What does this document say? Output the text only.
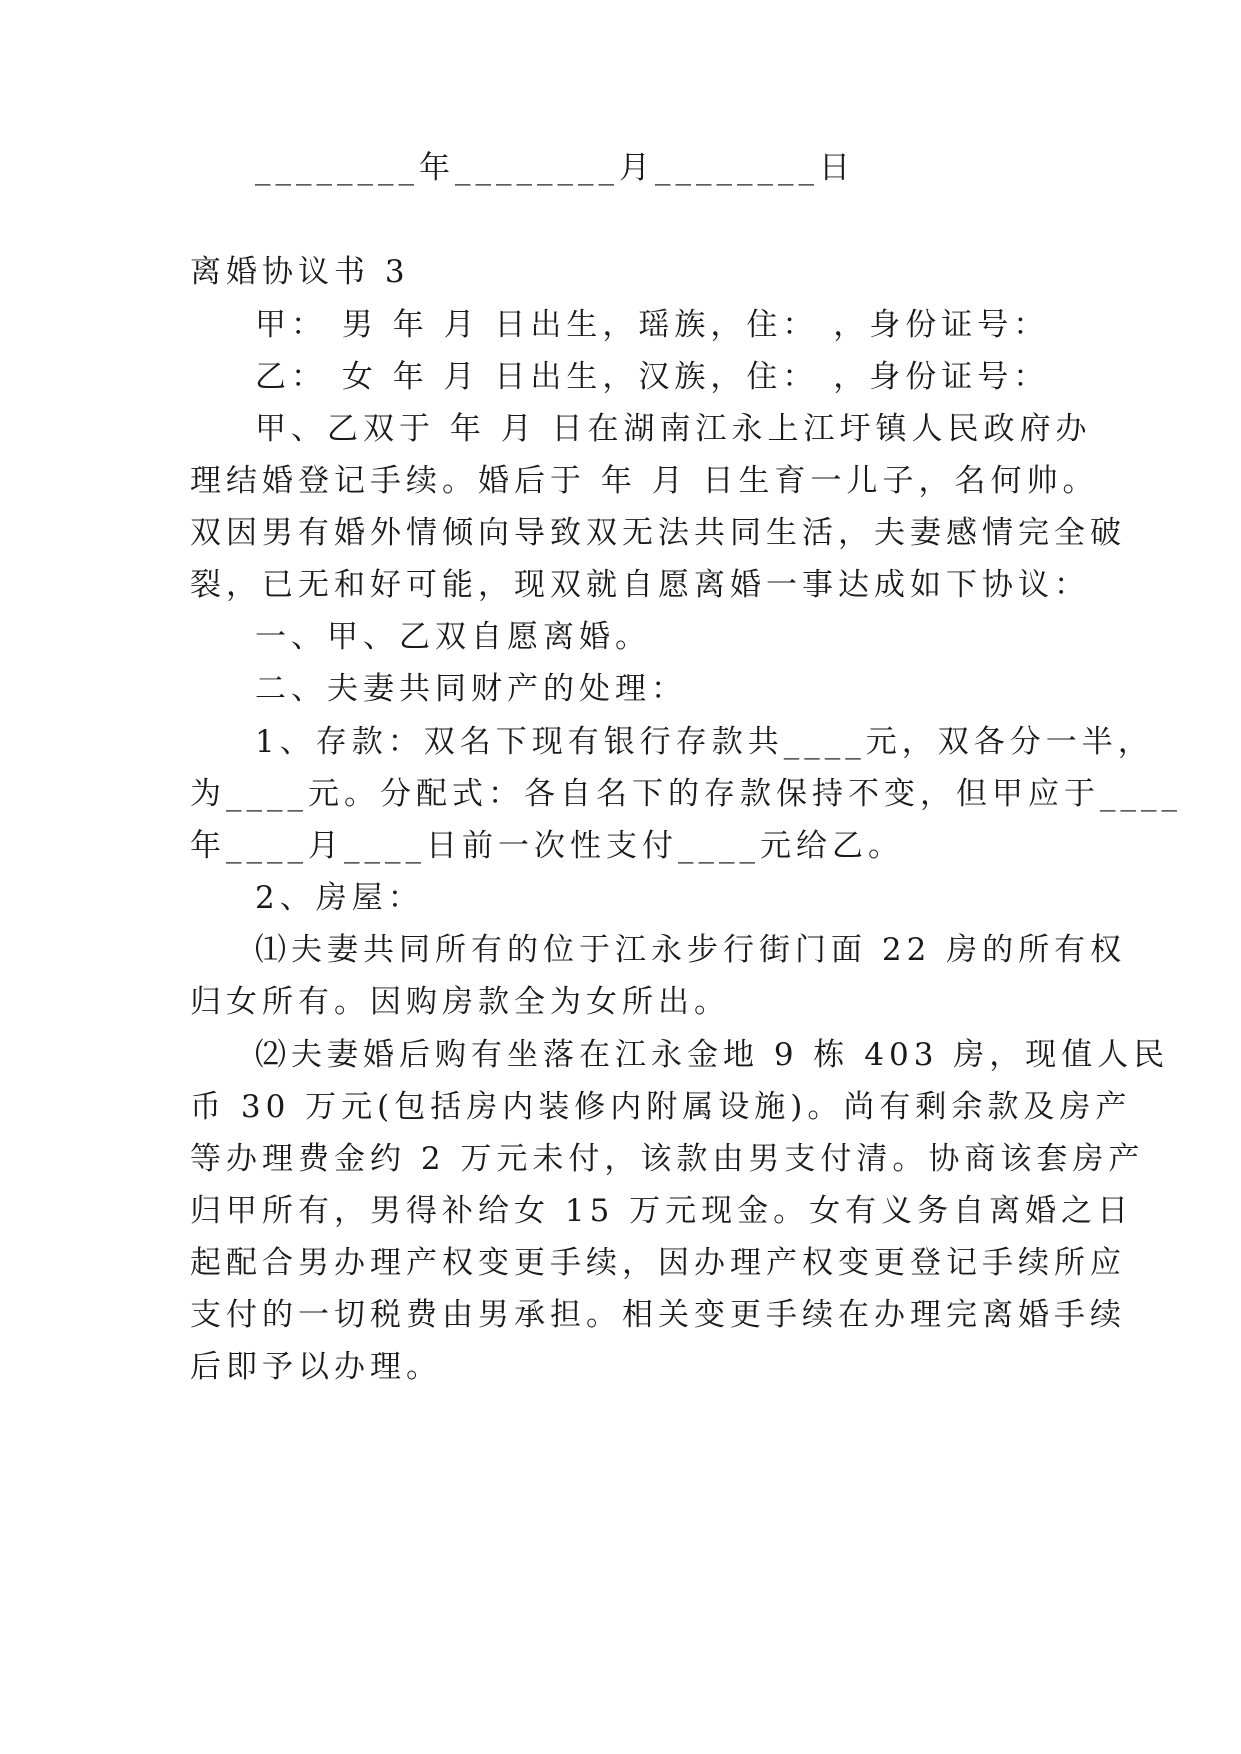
________年________月________日
离婚协议书 3
甲： 男 年 月 日出生，瑶族，住： ，身份证号：
乙： 女 年 月 日出生，汉族，住： ，身份证号：
甲、乙双于 年 月 日在湖南江永上江圩镇人民政府办
理结婚登记手续。婚后于 年 月 日生育一儿子，名何帅。
双因男有婚外情倾向导致双无法共同生活，夫妻感情完全破
裂，已无和好可能，现双就自愿离婚一事达成如下协议：
一、甲、乙双自愿离婚。
二、夫妻共同财产的处理：
1、存款：双名下现有银行存款共____元，双各分一半，
为____元。分配式：各自名下的存款保持不变，但甲应于____
年____月____日前一次性支付____元给乙。
2、房屋：
⑴夫妻共同所有的位于江永步行街门面 22 房的所有权
归女所有。因购房款全为女所出。
⑵夫妻婚后购有坐落在江永金地 9 栋 403 房，现值人民
币 30 万元(包括房内装修内附属设施)。尚有剩余款及房产
等办理费金约 2 万元未付，该款由男支付清。协商该套房产
归甲所有，男得补给女 15 万元现金。女有义务自离婚之日
起配合男办理产权变更手续，因办理产权变更登记手续所应
支付的一切税费由男承担。相关变更手续在办理完离婚手续
后即予以办理。
